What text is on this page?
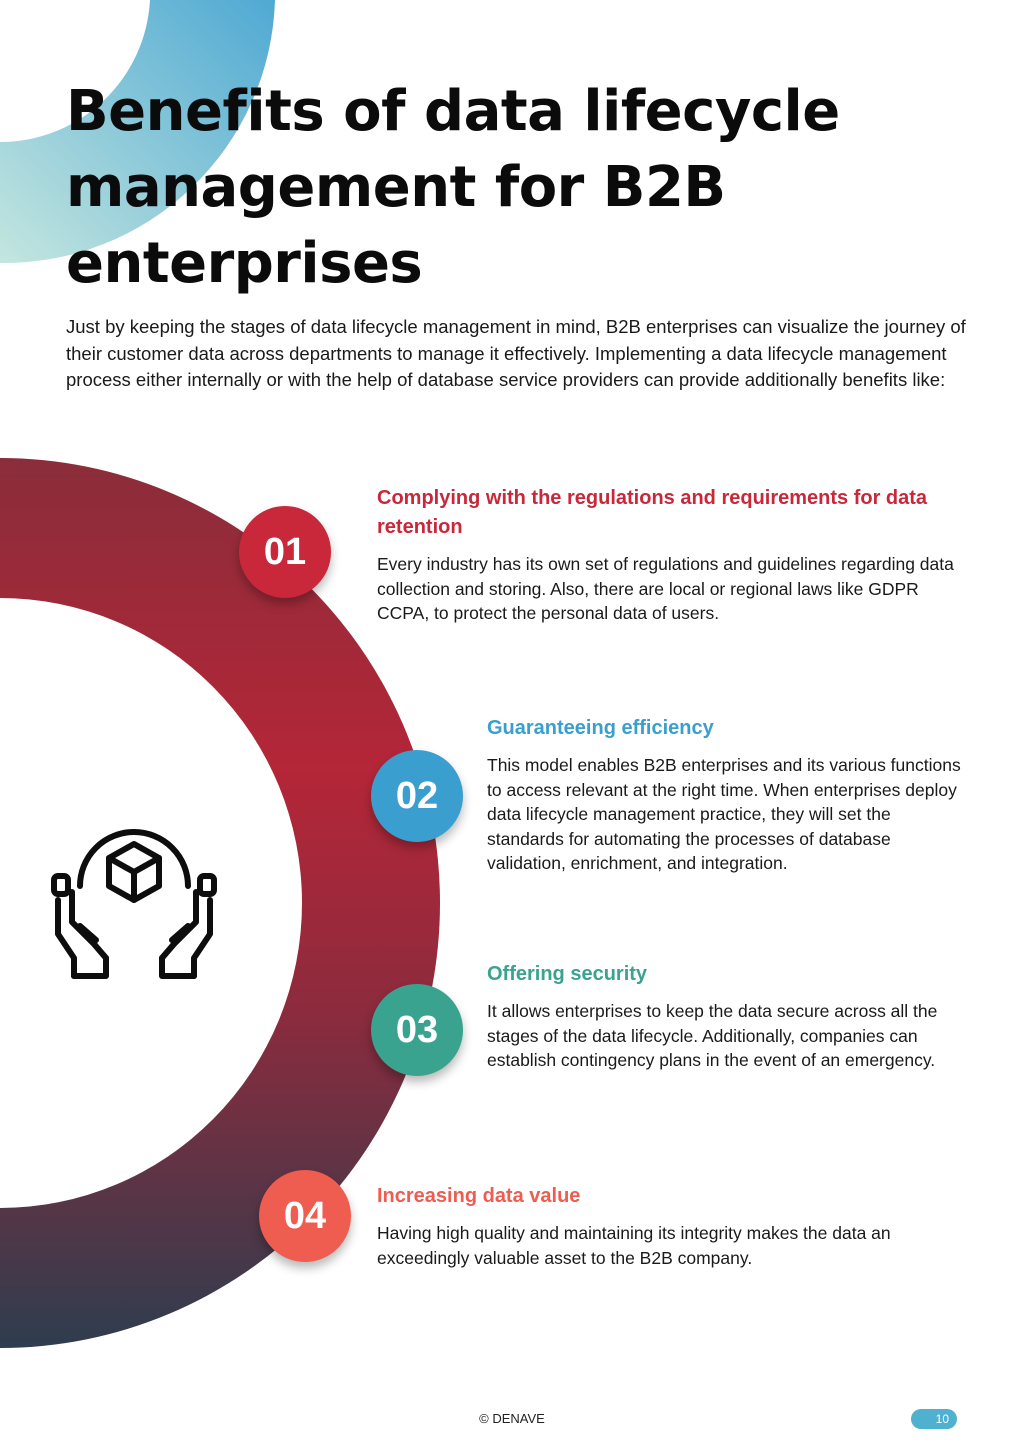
Benefits of data lifecycle
management for B2B
enterprises

Just by keeping the stages of data lifecycle management in mind, B2B enterprises can visualize the journey of their customer data across departments to manage it effectively. Implementing a data lifecycle management process either internally or with the help of database service providers can provide additionally benefits like:

01
02
03
04
Complying with the regulations and requirements for data retention

Every industry has its own set of regulations and guidelines regarding data collection and storing. Also, there are local or regional laws like GDPR CCPA, to protect the personal data of users.

Guaranteeing efficiency

This model enables B2B enterprises and its various functions to access relevant at the right time. When enterprises deploy data lifecycle management practice, they will set the standards for automating the processes of database validation, enrichment, and integration.

Offering security

It allows enterprises to keep the data secure across all the stages of the data lifecycle. Additionally, companies can establish contingency plans in the event of an emergency.

Increasing data value

Having high quality and maintaining its integrity makes the data an exceedingly valuable asset to the B2B company.

© DENAVE	10
